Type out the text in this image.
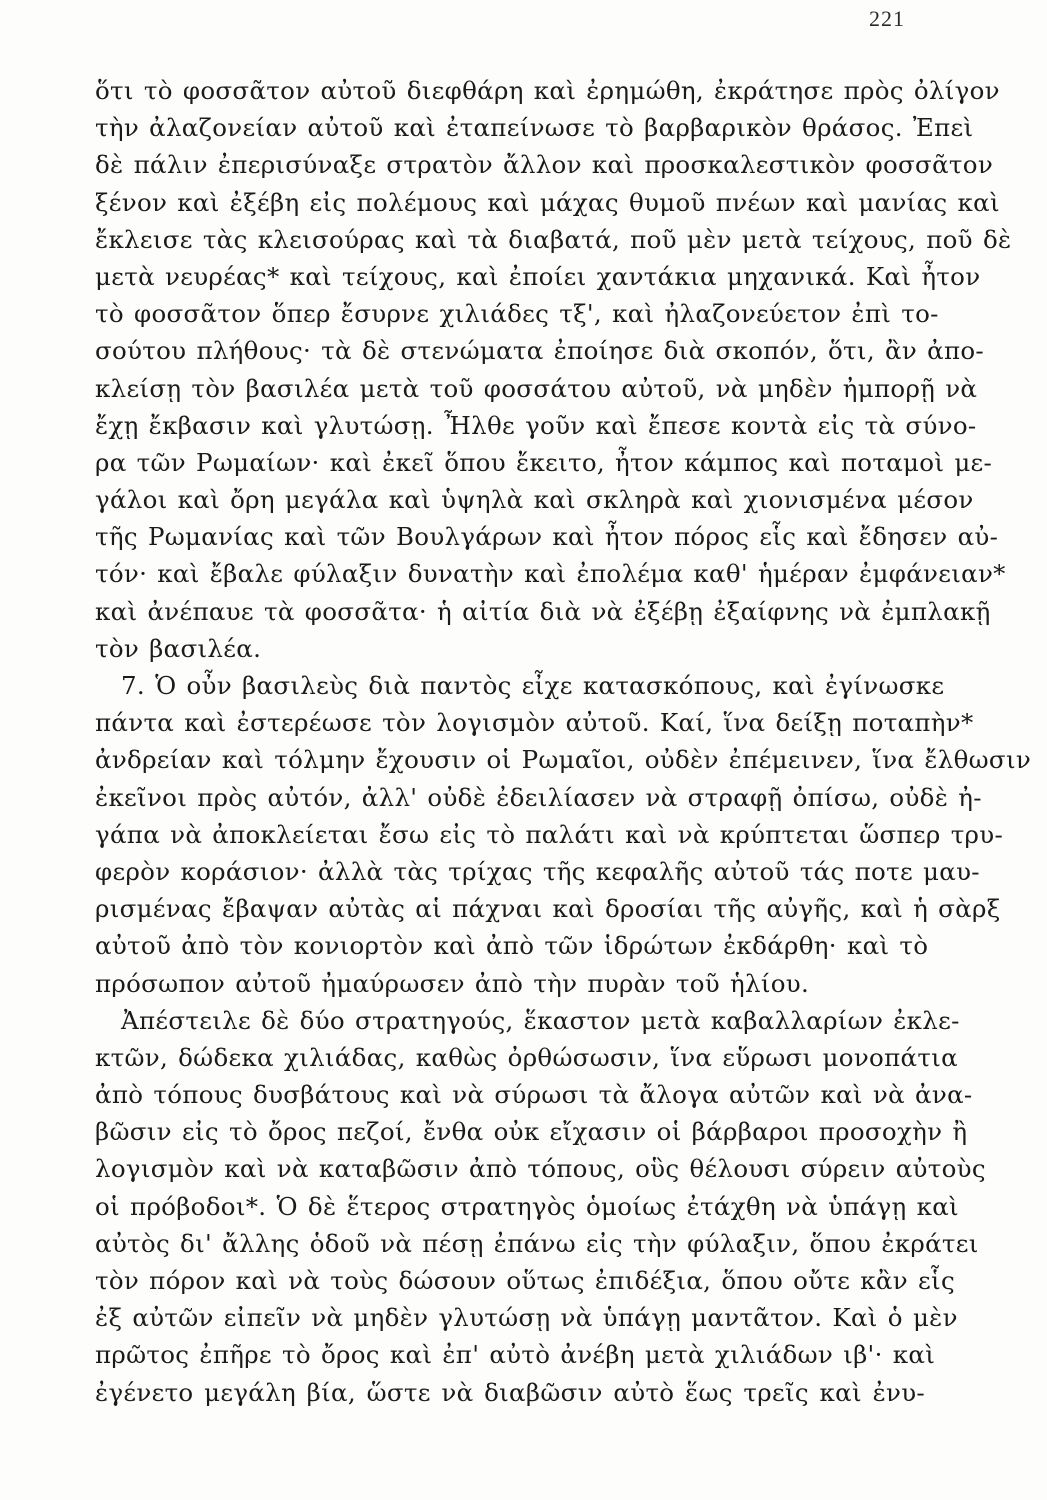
221
ὅτι τὸ φοσσᾶτον αὐτοῦ διεφθάρη καὶ ἐρημώθη, ἐκράτησε πρὸς ὀλίγον
τὴν ἀλαζονείαν αὐτοῦ καὶ ἐταπείνωσε τὸ βαρβαρικὸν θράσος. Ἐπεὶ
δὲ πάλιν ἐπερισύναξε στρατὸν ἄλλον καὶ προσκαλεστικὸν φοσσᾶτον
ξένον καὶ ἐξέβη εἰς πολέμους καὶ μάχας θυμοῦ πνέων καὶ μανίας καὶ
ἔκλεισε τὰς κλεισούρας καὶ τὰ διαβατά, ποῦ μὲν μετὰ τείχους, ποῦ δὲ
μετὰ νευρέας* καὶ τείχους, καὶ ἐποίει χαντάκια μηχανικά. Καὶ ἦτον
τὸ φοσσᾶτον ὅπερ ἔσυρνε χιλιάδες τξ', καὶ ἠλαζονεύετον ἐπὶ το-
σούτου πλήθους· τὰ δὲ στενώματα ἐποίησε διὰ σκοπόν, ὅτι, ἂν ἀπο-
κλείσῃ τὸν βασιλέα μετὰ τοῦ φοσσάτου αὐτοῦ, νὰ μηδὲν ἠμπορῇ νὰ
ἔχῃ ἔκβασιν καὶ γλυτώσῃ. Ἦλθε γοῦν καὶ ἔπεσε κοντὰ εἰς τὰ σύνο-
ρα τῶν Ρωμαίων· καὶ ἐκεῖ ὅπου ἔκειτο, ἦτον κάμπος καὶ ποταμοὶ με-
γάλοι καὶ ὄρη μεγάλα καὶ ὑψηλὰ καὶ σκληρὰ καὶ χιονισμένα μέσον
τῆς Ρωμανίας καὶ τῶν Βουλγάρων καὶ ἦτον πόρος εἷς καὶ ἔδησεν αὐ-
τόν· καὶ ἔβαλε φύλαξιν δυνατὴν καὶ ἐπολέμα καθ' ἡμέραν ἐμφάνειαν*
καὶ ἀνέπαυε τὰ φοσσᾶτα· ἡ αἰτία διὰ νὰ ἐξέβῃ ἐξαίφνης νὰ ἐμπλακῇ
τὸν βασιλέα.
7. Ὁ οὖν βασιλεὺς διὰ παντὸς εἶχε κατασκόπους, καὶ ἐγίνωσκε
πάντα καὶ ἐστερέωσε τὸν λογισμὸν αὐτοῦ. Καί, ἵνα δείξῃ ποταπὴν*
ἀνδρείαν καὶ τόλμην ἔχουσιν οἱ Ρωμαῖοι, οὐδὲν ἐπέμεινεν, ἵνα ἔλθωσιν
ἐκεῖνοι πρὸς αὐτόν, ἀλλ' οὐδὲ ἐδειλίασεν νὰ στραφῇ ὀπίσω, οὐδὲ ἠ-
γάπα νὰ ἀποκλείεται ἔσω εἰς τὸ παλάτι καὶ νὰ κρύπτεται ὥσπερ τρυ-
φερὸν κοράσιον· ἀλλὰ τὰς τρίχας τῆς κεφαλῆς αὐτοῦ τάς ποτε μαυ-
ρισμένας ἔβαψαν αὐτὰς αἱ πάχναι καὶ δροσίαι τῆς αὐγῆς, καὶ ἡ σὰρξ
αὐτοῦ ἀπὸ τὸν κονιορτὸν καὶ ἀπὸ τῶν ἱδρώτων ἐκδάρθη· καὶ τὸ
πρόσωπον αὐτοῦ ἠμαύρωσεν ἀπὸ τὴν πυρὰν τοῦ ἡλίου.
Ἀπέστειλε δὲ δύο στρατηγούς, ἕκαστον μετὰ καβαλλαρίων ἐκλε-
κτῶν, δώδεκα χιλιάδας, καθὼς ὀρθώσωσιν, ἵνα εὕρωσι μονοπάτια
ἀπὸ τόπους δυσβάτους καὶ νὰ σύρωσι τὰ ἄλογα αὐτῶν καὶ νὰ ἀνα-
βῶσιν εἰς τὸ ὄρος πεζοί, ἔνθα οὐκ εἴχασιν οἱ βάρβαροι προσοχὴν ἢ
λογισμὸν καὶ νὰ καταβῶσιν ἀπὸ τόπους, οὓς θέλουσι σύρειν αὐτοὺς
οἱ πρόβοδοι*. Ὁ δὲ ἕτερος στρατηγὸς ὁμοίως ἐτάχθη νὰ ὑπάγῃ καὶ
αὐτὸς δι' ἄλλης ὁδοῦ νὰ πέσῃ ἐπάνω εἰς τὴν φύλαξιν, ὅπου ἐκράτει
τὸν πόρον καὶ νὰ τοὺς δώσουν οὕτως ἐπιδέξια, ὅπου οὔτε κἂν εἷς
ἐξ αὐτῶν εἰπεῖν νὰ μηδὲν γλυτώσῃ νὰ ὑπάγῃ μαντᾶτον. Καὶ ὁ μὲν
πρῶτος ἐπῆρε τὸ ὄρος καὶ ἐπ' αὐτὸ ἀνέβη μετὰ χιλιάδων ιβ'· καὶ
ἐγένετο μεγάλη βία, ὥστε νὰ διαβῶσιν αὐτὸ ἕως τρεῖς καὶ ἐνυ-
